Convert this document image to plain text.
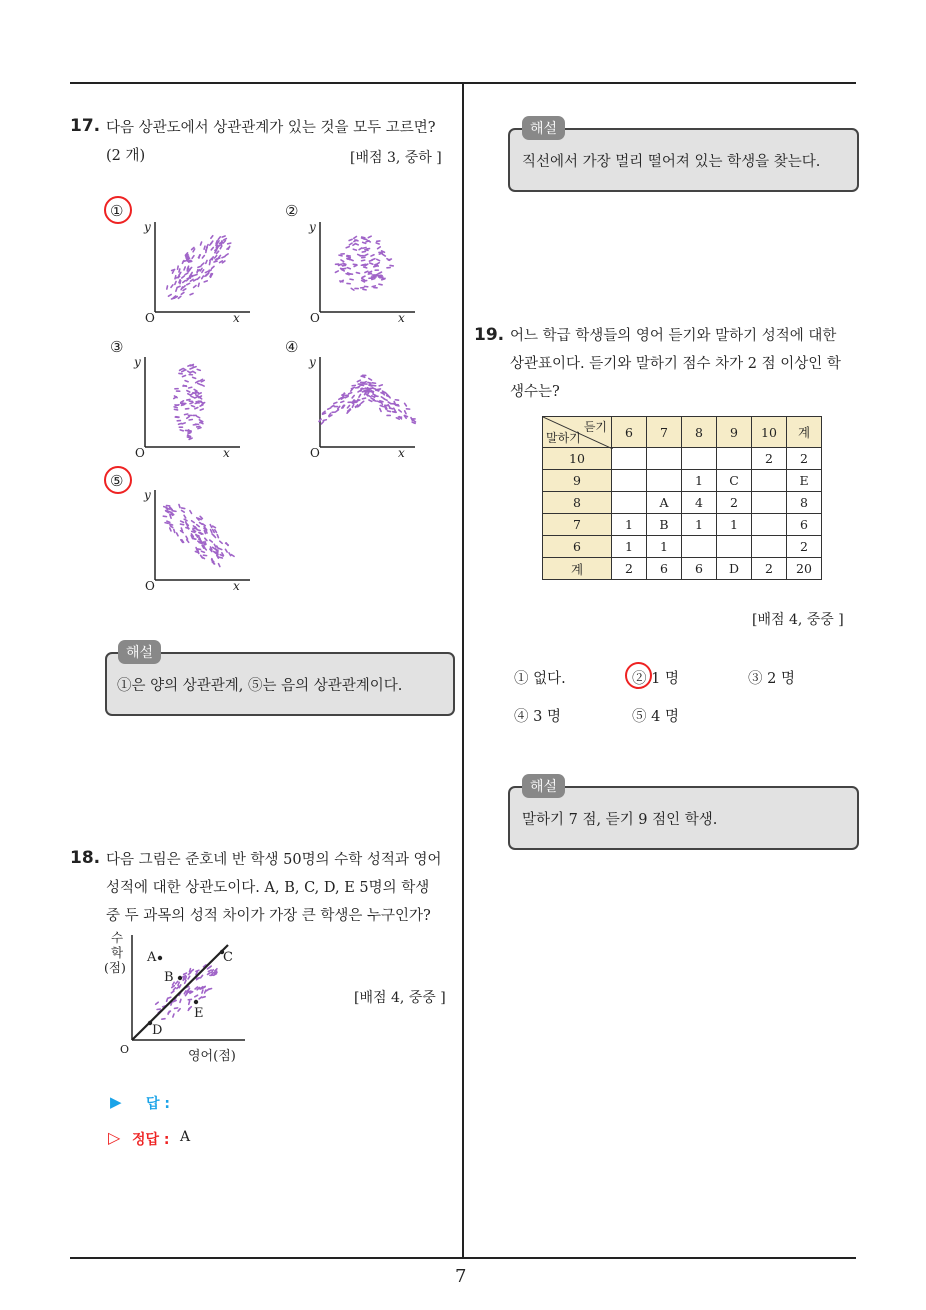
7
17. 다음 상관도에서 상관관계가 있는 것을 모두 고르면?
(2 개)	[배점 3, 중하 ]
①	②
③	④
⑤
y
x
O
y
x
O
y
x
O
y
x
O
y
x
O
해설
①은 양의 상관관계, ⑤는 음의 상관관계이다.
18. 다음 그림은 준호네 반 학생 50명의 수학 성적과 영어
성적에 대한 상관도이다. A, B, C, D, E 5명의 학생
중 두 과목의 성적 차이가 가장 큰 학생은 누구인가?
수
학
(점)
O	영어(점)
A
B
C
D
E
[배점 4, 중중 ]
▶ 답 :
▷ 정답 : A
해설
직선에서 가장 멀리 떨어져 있는 학생을 찾는다.
19. 어느 학급 학생들의 영어 듣기와 말하기 성적에 대한
상관표이다. 듣기와 말하기 점수 차가 2 점 이상인 학
생수는?
듣기
말하기	6	7	8	9	10	계
10					2	2
9			1	C		E
8		A	4	2		8
7	1	B	1	1		6
6	1	1				2
계	2	6	6	D	2	20
[배점 4, 중중 ]
① 없다.	② 1 명	③ 2 명
④ 3 명	⑤ 4 명
해설
말하기 7 점, 듣기 9 점인 학생.
